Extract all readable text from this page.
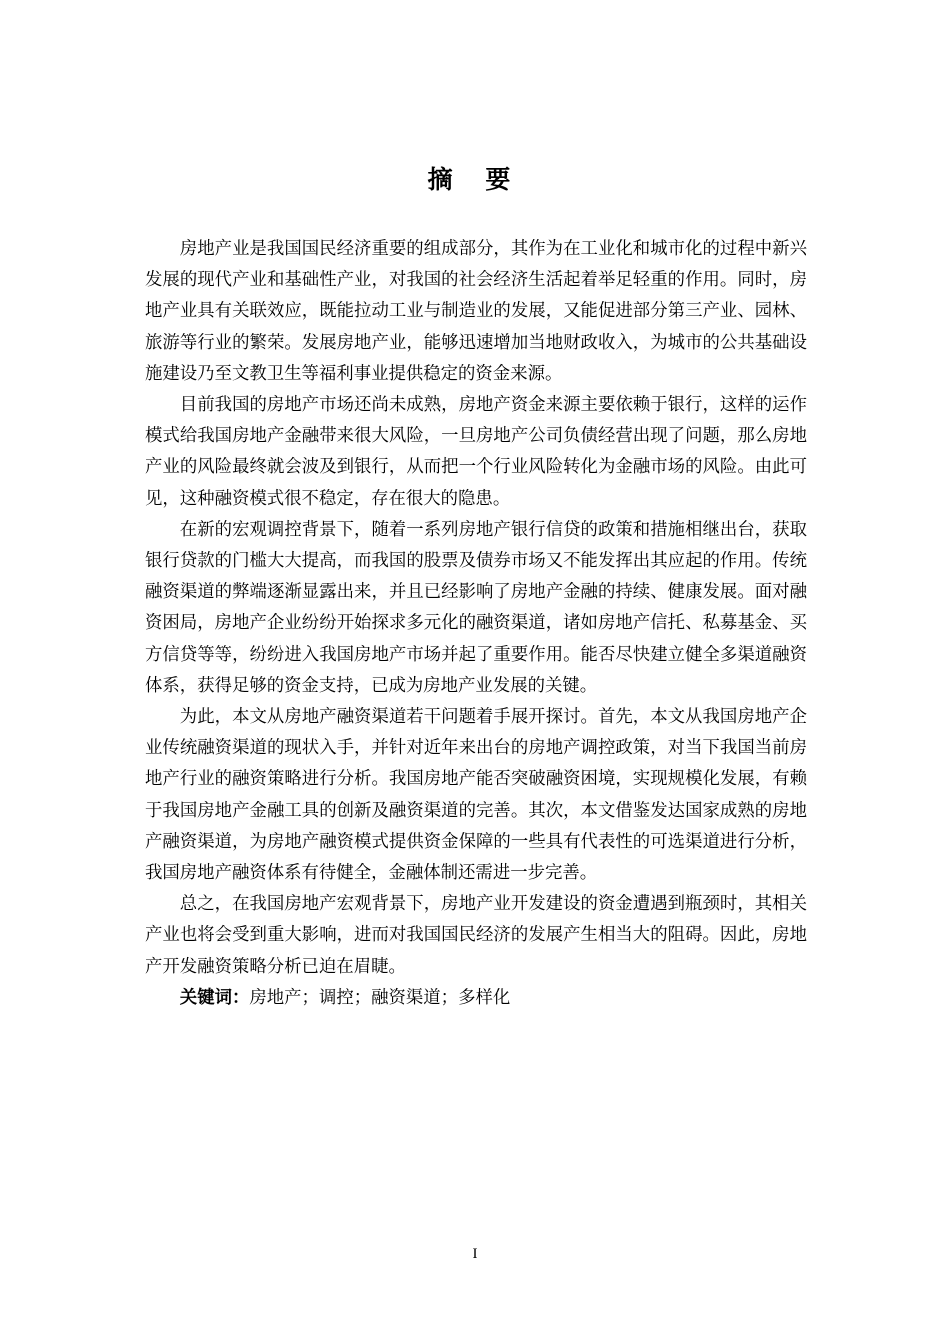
摘 要

房地产业是我国国民经济重要的组成部分，其作为在工业化和城市化的过程中新兴发展的现代产业和基础性产业，对我国的社会经济生活起着举足轻重的作用。同时，房地产业具有关联效应，既能拉动工业与制造业的发展，又能促进部分第三产业、园林、旅游等行业的繁荣。发展房地产业，能够迅速增加当地财政收入，为城市的公共基础设施建设乃至文教卫生等福利事业提供稳定的资金来源。

目前我国的房地产市场还尚未成熟，房地产资金来源主要依赖于银行，这样的运作模式给我国房地产金融带来很大风险，一旦房地产公司负债经营出现了问题，那么房地产业的风险最终就会波及到银行，从而把一个行业风险转化为金融市场的风险。由此可见，这种融资模式很不稳定，存在很大的隐患。

在新的宏观调控背景下，随着一系列房地产银行信贷的政策和措施相继出台，获取银行贷款的门槛大大提高，而我国的股票及债券市场又不能发挥出其应起的作用。传统融资渠道的弊端逐渐显露出来，并且已经影响了房地产金融的持续、健康发展。面对融资困局，房地产企业纷纷开始探求多元化的融资渠道，诸如房地产信托、私募基金、买方信贷等等，纷纷进入我国房地产市场并起了重要作用。能否尽快建立健全多渠道融资体系，获得足够的资金支持，已成为房地产业发展的关键。

为此，本文从房地产融资渠道若干问题着手展开探讨。首先，本文从我国房地产企业传统融资渠道的现状入手，并针对近年来出台的房地产调控政策，对当下我国当前房地产行业的融资策略进行分析。我国房地产能否突破融资困境，实现规模化发展，有赖于我国房地产金融工具的创新及融资渠道的完善。其次，本文借鉴发达国家成熟的房地产融资渠道，为房地产融资模式提供资金保障的一些具有代表性的可选渠道进行分析，我国房地产融资体系有待健全，金融体制还需进一步完善。

总之，在我国房地产宏观背景下，房地产业开发建设的资金遭遇到瓶颈时，其相关产业也将会受到重大影响，进而对我国国民经济的发展产生相当大的阻碍。因此，房地产开发融资策略分析已迫在眉睫。

关键词：房地产；调控；融资渠道；多样化

I
